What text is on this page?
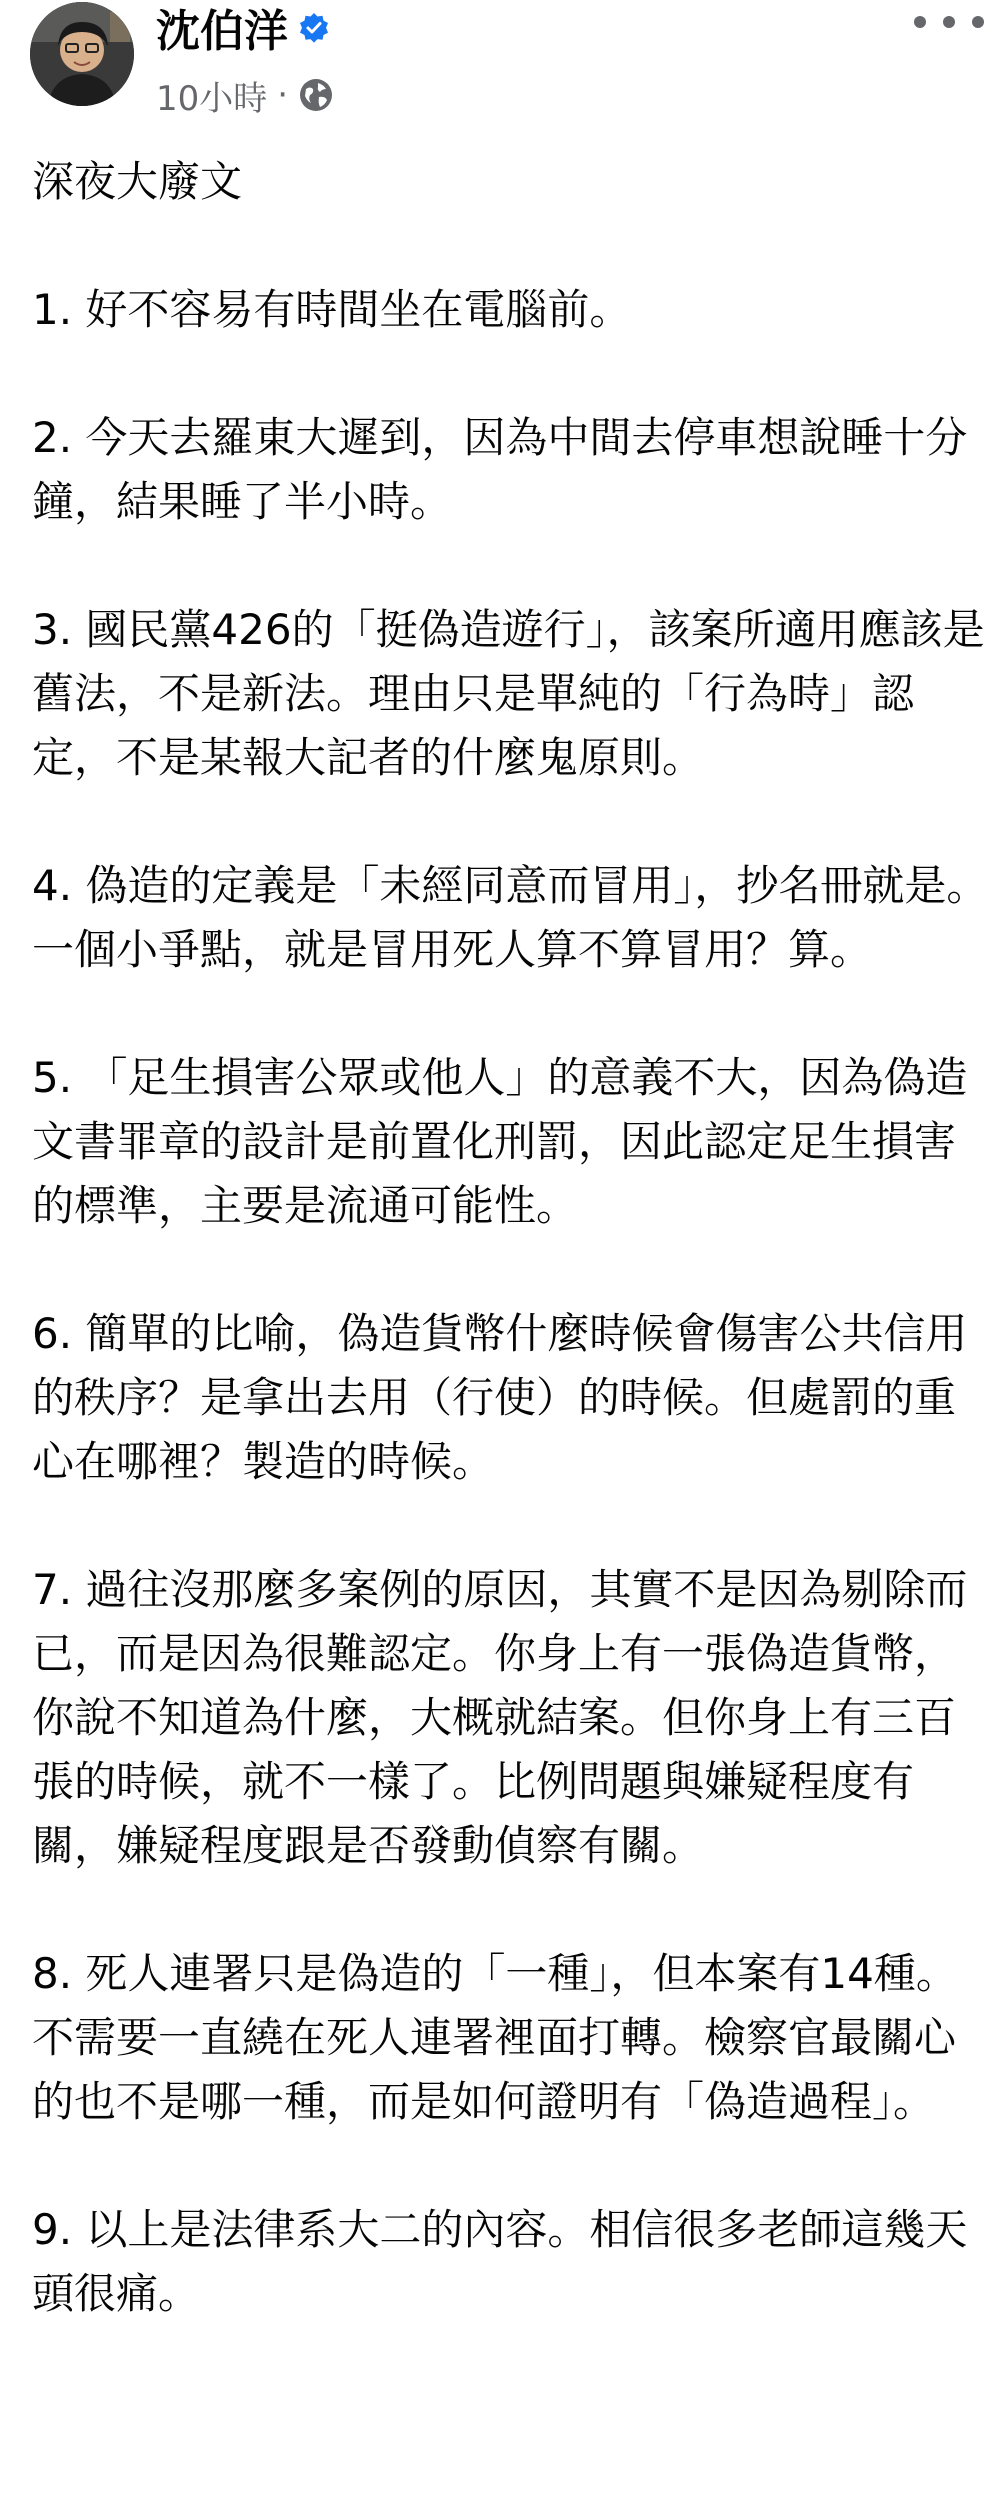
沈伯洋
10小時 ·

深夜大廢文

1. 好不容易有時間坐在電腦前。

2. 今天去羅東大遲到，因為中間去停車想說睡十分鐘，結果睡了半小時。

3. 國民黨426的「挺偽造遊行」，該案所適用應該是舊法，不是新法。理由只是單純的「行為時」認定，不是某報大記者的什麼鬼原則。

4. 偽造的定義是「未經同意而冒用」，抄名冊就是。一個小爭點，就是冒用死人算不算冒用？算。

5. 「足生損害公眾或他人」的意義不大，因為偽造文書罪章的設計是前置化刑罰，因此認定足生損害的標準，主要是流通可能性。

6. 簡單的比喻，偽造貨幣什麼時候會傷害公共信用的秩序？是拿出去用（行使）的時候。但處罰的重心在哪裡？製造的時候。

7. 過往沒那麼多案例的原因，其實不是因為剔除而已，而是因為很難認定。你身上有一張偽造貨幣，你說不知道為什麼，大概就結案。但你身上有三百張的時候，就不一樣了。比例問題與嫌疑程度有關，嫌疑程度跟是否發動偵察有關。

8. 死人連署只是偽造的「一種」，但本案有14種。不需要一直繞在死人連署裡面打轉。檢察官最關心的也不是哪一種，而是如何證明有「偽造過程」。

9. 以上是法律系大二的內容。相信很多老師這幾天頭很痛。
